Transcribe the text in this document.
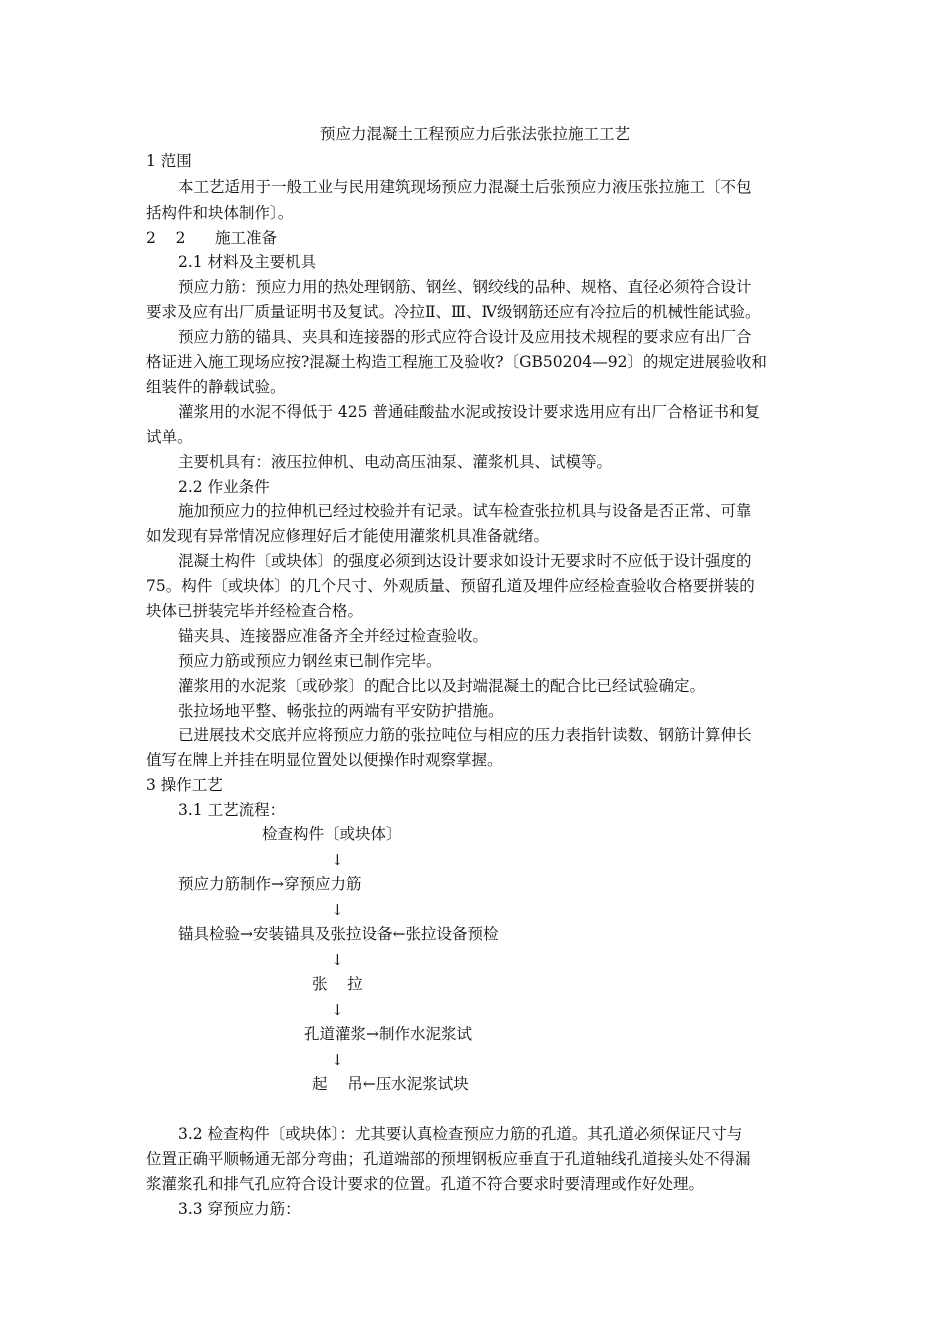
预应力混凝土工程预应力后张法张拉施工工艺
1 范围
本工艺适用于一般工业与民用建筑现场预应力混凝土后张预应力液压张拉施工〔不包
括构件和块体制作〕。
2    2      施工准备
2.1 材料及主要机具
预应力筋：预应力用的热处理钢筋、钢丝、钢绞线的品种、规格、直径必须符合设计
要求及应有出厂质量证明书及复试。冷拉Ⅱ、Ⅲ、Ⅳ级钢筋还应有冷拉后的机械性能试验。
预应力筋的锚具、夹具和连接器的形式应符合设计及应用技术规程的要求应有出厂合
格证进入施工现场应按?混凝土构造工程施工及验收?〔GB50204—92〕的规定进展验收和
组装件的静载试验。
灌浆用的水泥不得低于 425 普通硅酸盐水泥或按设计要求选用应有出厂合格证书和复
试单。
主要机具有：液压拉伸机、电动高压油泵、灌浆机具、试模等。
2.2 作业条件
施加预应力的拉伸机已经过校验并有记录。试车检查张拉机具与设备是否正常、可靠
如发现有异常情况应修理好后才能使用灌浆机具准备就绪。
混凝土构件〔或块体〕的强度必须到达设计要求如设计无要求时不应低于设计强度的
75。构件〔或块体〕的几个尺寸、外观质量、预留孔道及埋件应经检查验收合格要拼装的
块体已拼装完毕并经检查合格。
锚夹具、连接器应准备齐全并经过检查验收。
预应力筋或预应力钢丝束已制作完毕。
灌浆用的水泥浆〔或砂浆〕的配合比以及封端混凝土的配合比已经试验确定。
张拉场地平整、畅张拉的两端有平安防护措施。
已进展技术交底并应将预应力筋的张拉吨位与相应的压力表指针读数、钢筋计算伸长
值写在牌上并挂在明显位置处以便操作时观察掌握。
3 操作工艺
3.1 工艺流程：
检查构件〔或块体〕
↓
预应力筋制作→穿预应力筋
↓
锚具检验→安装锚具及张拉设备←张拉设备预检
↓
张    拉
↓
孔道灌浆→制作水泥浆试
↓
起    吊←压水泥浆试块
3.2 检查构件〔或块体〕：尤其要认真检查预应力筋的孔道。其孔道必须保证尺寸与
位置正确平顺畅通无部分弯曲；孔道端部的预埋钢板应垂直于孔道轴线孔道接头处不得漏
浆灌浆孔和排气孔应符合设计要求的位置。孔道不符合要求时要清理或作好处理。
3.3 穿预应力筋：
